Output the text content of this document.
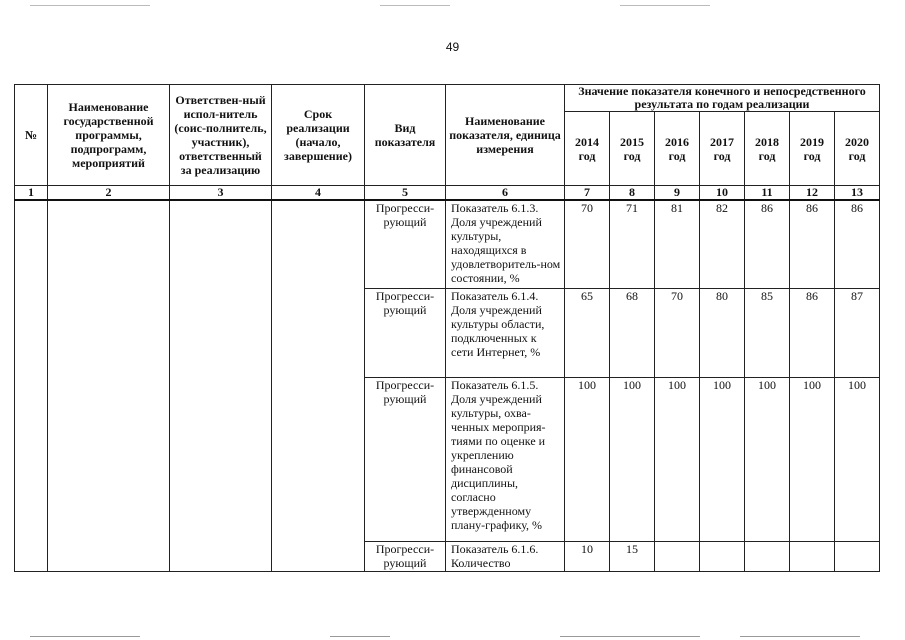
49
№	Наименование государственной программы, подпрограмм, мероприятий	Ответствен-ный испол-нитель (соис-полнитель, участник), ответственный за реализацию	Срок реализации (начало, завершение)	Вид показателя	Наименование показателя, единица измерения	Значение показателя конечного и непосредственного результата по годам реализации						
						2014 год	2015 год	2016 год	2017 год	2018 год	2019 год	2020 год
1	2	3	4	5	6	7	8	9	10	11	12	13
				Прогресси-рующий	Показатель 6.1.3. Доля учреждений культуры, находящихся в удовлетворитель-ном состоянии, %	70	71	81	82	86	86	86
				Прогресси-рующий	Показатель 6.1.4. Доля учреждений культуры области, подключенных к сети Интернет, %	65	68	70	80	85	86	87
				Прогресси-рующий	Показатель 6.1.5. Доля учреждений культуры, охва-ченных мероприя-тиями по оценке и укреплению финансовой дисциплины, согласно утвержденному плану-графику, %	100	100	100	100	100	100	100
				Прогресси-рующий	Показатель 6.1.6. Количество	10	15					
